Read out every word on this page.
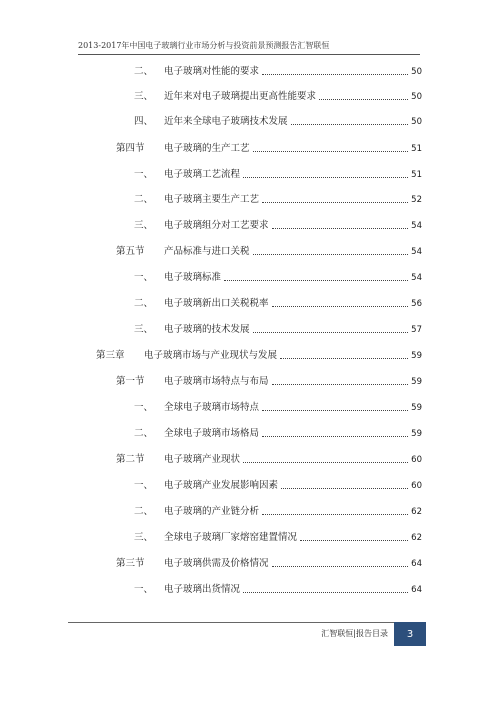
2013-2017年中国电子玻璃行业市场分析与投资前景预测报告汇智联恒
二、	电子玻璃对性能的要求	50
三、	近年来对电子玻璃提出更高性能要求	50
四、	近年来全球电子玻璃技术发展	50
第四节	电子玻璃的生产工艺	51
一、	电子玻璃工艺流程	51
二、	电子玻璃主要生产工艺	52
三、	电子玻璃组分对工艺要求	54
第五节	产品标准与进口关税	54
一、	电子玻璃标准	54
二、	电子玻璃新出口关税税率	56
三、	电子玻璃的技术发展	57
第三章	电子玻璃市场与产业现状与发展	59
第一节	电子玻璃市场特点与布局	59
一、	全球电子玻璃市场特点	59
二、	全球电子玻璃市场格局	59
第二节	电子玻璃产业现状	60
一、	电子玻璃产业发展影响因素	60
二、	电子玻璃的产业链分析	62
三、	全球电子玻璃厂家熔窑建置情况	62
第三节	电子玻璃供需及价格情况	64
一、	电子玻璃出货情况	64
汇智联恒|报告目录	3
